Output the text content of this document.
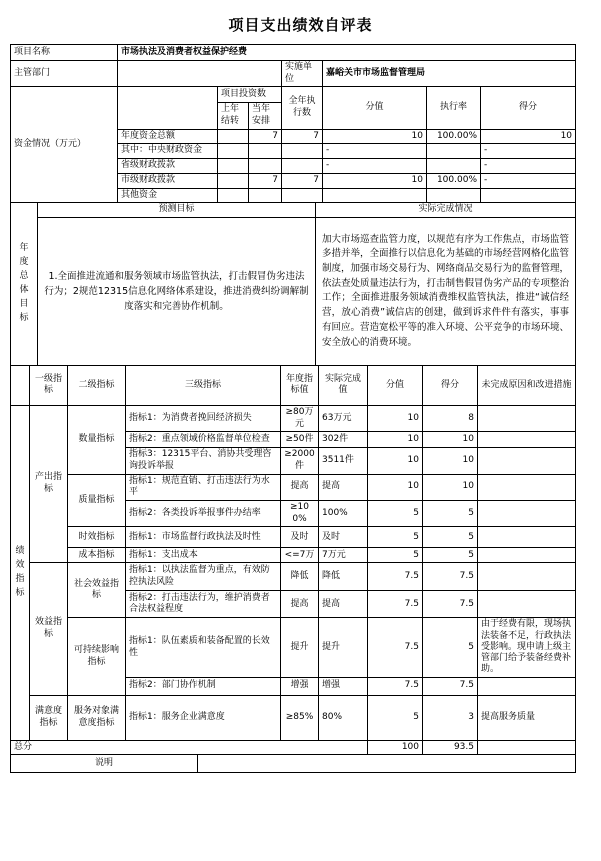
项目支出绩效自评表
项目名称	市场执法及消费者权益保护经费						
主管部门				实施单位	嘉峪关市市场监督管理局		
资金情况（万元）		项目投资数		全年执行数	分值	执行率	得分
		上年结转	当年安排				
	年度资金总额		7	7	10	100.00%	10
	其中：中央财政资金				-		-
	省级财政拨款				-		-
	市级财政拨款		7	7	10	100.00%	-
	其他资金						
年度总体目标	预测目标	实际完成情况
	1.全面推进流通和服务领域市场监管执法，打击假冒伪劣违法行为；2规范12315信息化网络体系建设，推进消费纠纷调解制度落实和完善协作机制。	加大市场巡查监管力度，以规范有序为工作焦点，市场监管多措并举，全面推行以信息化为基础的市场经营网格化监管制度，加强市场交易行为、网络商品交易行为的监督管理，依法查处质量违法行为，打击制售假冒伪劣产品的专项整治工作；全面推进服务领域消费维权监管执法，推进“诚信经营，放心消费”诚信店的创建，做到诉求件件有落实，事事有回应。营造宽松平等的准入环境、公平竞争的市场环境、安全放心的消费环境。
	一级指标	二级指标	三级指标	年度指标值	实际完成值	分值	得分	未完成原因和改进措施

绩效指标	产出指标	数量指标	指标1：为消费者挽回经济损失	≥80万元	63万元	10	8	
			指标2：重点领域价格监督单位检查	≥50件	302件	10	10	
			指标3：12315平台、消协共受理咨询投诉举报	≥2000件	3511件	10	10	
		质量指标	指标1：规范直销、打击违法行为水平	提高	提高	10	10	
			指标2：各类投诉举报事件办结率	≥100%	100%	5	5	
		时效指标	指标1：市场监督行政执法及时性	及时	及时	5	5	
		成本指标	指标1：支出成本	<=7万	7万元	5	5	
	效益指标	社会效益指标	指标1：以执法监督为重点，有效防控执法风险	降低	降低	7.5	7.5	
			指标2：打击违法行为，维护消费者合法权益程度	提高	提高	7.5	7.5	
		可持续影响指标	指标1：队伍素质和装备配置的长效性	提升	提升	7.5	5	由于经费有限，现场执法装备不足，行政执法受影响。现申请上级主管部门给予装备经费补助。
			指标2：部门协作机制	增强	增强	7.5	7.5	
	满意度指标	服务对象满意度指标	指标1：服务企业满意度	≥85%	80%	5	3	提高服务质量
总分						100	93.5	
说明	
